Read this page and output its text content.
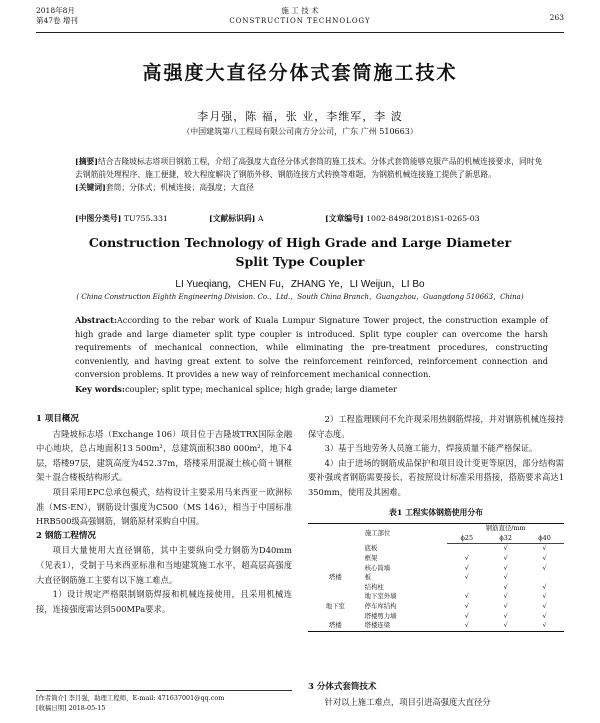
2018年8月
第47卷 增刊
施 工 技 术
CONSTRUCTION TECHNOLOGY	263
高强度大直径分体式套筒施工技术
李月强，陈 福，张 业，李维军，李 波
（中国建筑第八工程局有限公司南方分公司，广东 广州 510663）

[摘要]结合吉隆坡标志塔项目钢筋工程，介绍了高强度大直径分体式套筒的施工技术。分体式套筒能够克服产品的机械连接要求，同时免去钢筋前处理程序、施工便捷，较大程度解决了钢筋外移、钢筋连接方式转换等难题，为钢筋机械连接施工提供了新思路。

[关键词]套筒；分体式；机械连接；高强度；大直径

[中图分类号] TU755.331	[文献标识码] A	[文章编号] 1002-8498(2018)S1-0265-03
Construction Technology of High Grade and Large Diameter
Split Type Coupler
LI Yueqiang，CHEN Fu，ZHANG Ye，LI Weijun，LI Bo
( China Construction Eighth Engineering Division. Co.，Ltd.，South China Branch，Guangzhou，Guangdong 510663，China)

Abstract:According to the rebar work of Kuala Lumpur Signature Tower project, the construction example of high grade and large diameter split type coupler is introduced. Split type coupler can overcome the harsh requirements of mechanical connection, while eliminating the pre-treatment procedures, constructing conveniently, and having great extent to solve the reinforcement reinforced, reinforcement connection and conversion problems. It provides a new way of reinforcement mechanical connection.

Key words:coupler; split type; mechanical splice; high grade; large diameter

1 项目概况

吉隆坡标志塔（Exchange 106）项目位于吉隆坡TRX国际金融中心地块，总占地面积13 500m²，总建筑面积380 000m²，地下4层，塔楼97层，建筑高度为452.37m，塔楼采用混凝土核心筒＋钢框架＋混合楼板结构形式。

项目采用EPC总承包模式，结构设计主要采用马来西亚－欧洲标准（MS-EN），钢筋设计强度为C500（MS 146），相当于中国标准HRB500级高强钢筋，钢筋原材采购自中国。

2 钢筋工程情况

项目大量使用大直径钢筋，其中主要纵向受力钢筋为D40mm（见表1），受制于马来西亚标准和当地建筑施工水平，超高层高强度大直径钢筋施工主要有以下施工难点。

1）设计规定严格限制钢筋焊接和机械连接使用，且采用机械连接，连接强度需达到500MPa要求。

2）工程监理顾问不允许现采用热钢筋焊接，并对钢筋机械连接持保守态度。

3）基于当地劳务人员施工能力，焊接质量不能严格保证。

4）由于进场的钢筋成品保护和项目设计变更等原因，部分结构需要补强或者钢筋需要接长，若按照设计标准采用搭接，搭筋要求高达1 350mm，使用及其困难。

表1 工程实体钢筋使用分布
施工部位		钢筋直径/mm		
		ϕ25	ϕ32	ϕ40
	底板		√	√
	框架	√	√	√
	核心筒墙	√	√	√
塔楼	板	√	√	
	结构柱		√	√
	地下室外墙	√	√	√
地下室	停车库结构	√	√	√
	塔楼剪力墙	√	√	√
塔楼	塔楼连梁	√	√	√
[作者简介] 李月强，助理工程师，E-mail: 471637001@qq.com
[收稿日期] 2018-05-15
3 分体式套筒技术

针对以上施工难点，项目引进高强度大直径分
